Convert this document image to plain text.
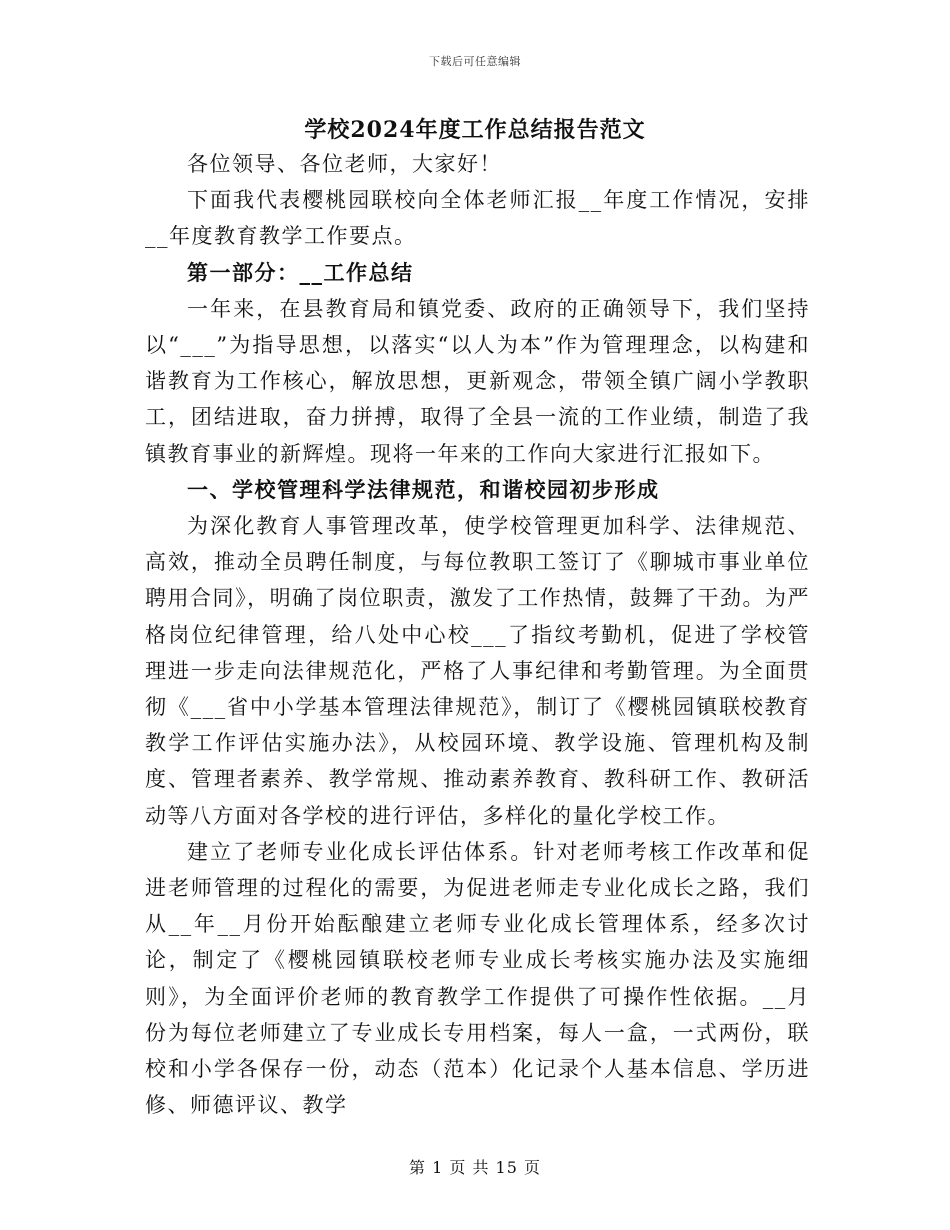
下载后可任意编辑
学校2024年度工作总结报告范文

各位领导、各位老师，大家好！

下面我代表樱桃园联校向全体老师汇报__年度工作情况，安排__年度教育教学工作要点。

第一部分：__工作总结

一年来，在县教育局和镇党委、政府的正确领导下，我们坚持以“___”为指导思想，以落实“以人为本”作为管理理念，以构建和谐教育为工作核心，解放思想，更新观念，带领全镇广阔小学教职工，团结进取，奋力拼搏，取得了全县一流的工作业绩，制造了我镇教育事业的新辉煌。现将一年来的工作向大家进行汇报如下。

一、学校管理科学法律规范，和谐校园初步形成

为深化教育人事管理改革，使学校管理更加科学、法律规范、高效，推动全员聘任制度，与每位教职工签订了《聊城市事业单位聘用合同》，明确了岗位职责，激发了工作热情，鼓舞了干劲。为严格岗位纪律管理，给八处中心校___了指纹考勤机，促进了学校管理进一步走向法律规范化，严格了人事纪律和考勤管理。为全面贯彻《___省中小学基本管理法律规范》，制订了《樱桃园镇联校教育教学工作评估实施办法》，从校园环境、教学设施、管理机构及制度、管理者素养、教学常规、推动素养教育、教科研工作、教研活动等八方面对各学校的进行评估，多样化的量化学校工作。

建立了老师专业化成长评估体系。针对老师考核工作改革和促进老师管理的过程化的需要，为促进老师走专业化成长之路，我们从__年__月份开始酝酿建立老师专业化成长管理体系，经多次讨论，制定了《樱桃园镇联校老师专业成长考核实施办法及实施细则》，为全面评价老师的教育教学工作提供了可操作性依据。__月份为每位老师建立了专业成长专用档案，每人一盒，一式两份，联校和小学各保存一份，动态（范本）化记录个人基本信息、学历进修、师德评议、教学

第 1 页 共 15 页
